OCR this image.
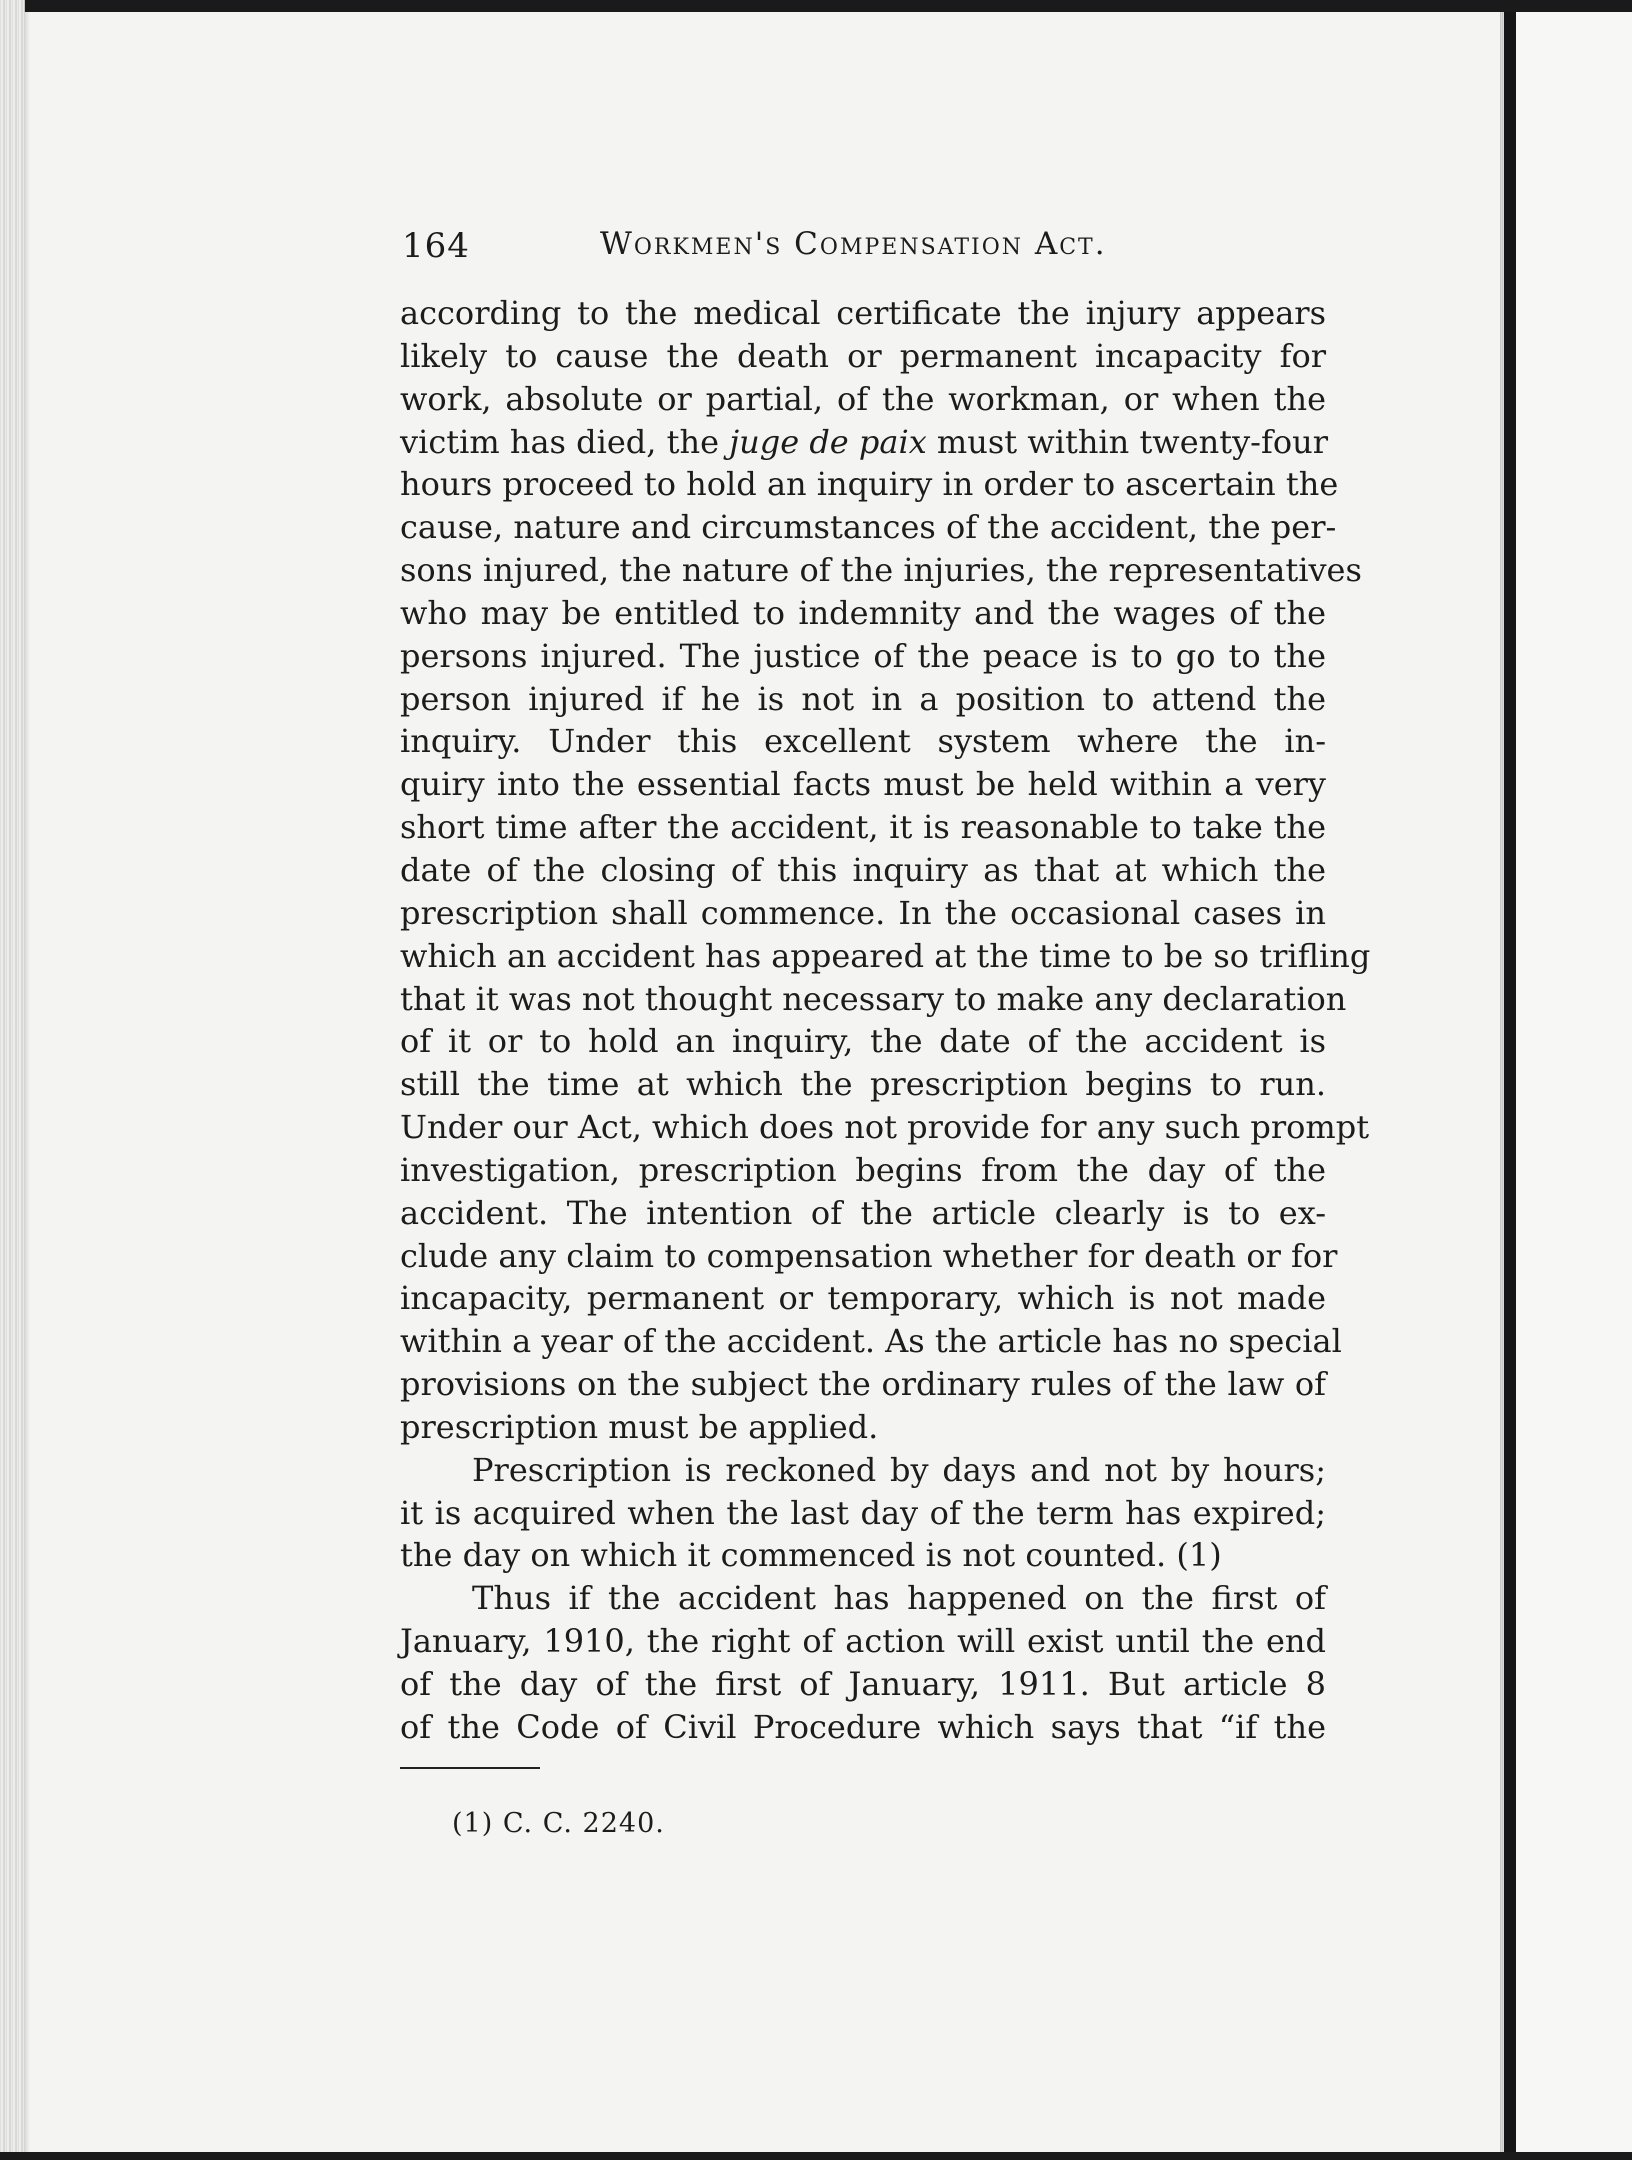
164	Workmen's Compensation Act.
according to the medical certificate the injury appears
likely to cause the death or permanent incapacity for
work, absolute or partial, of the workman, or when the
victim has died, the juge de paix must within twenty-four
hours proceed to hold an inquiry in order to ascertain the
cause, nature and circumstances of the accident, the per-
sons injured, the nature of the injuries, the representatives
who may be entitled to indemnity and the wages of the
persons injured. The justice of the peace is to go to the
person injured if he is not in a position to attend the
inquiry. Under this excellent system where the in-
quiry into the essential facts must be held within a very
short time after the accident, it is reasonable to take the
date of the closing of this inquiry as that at which the
prescription shall commence. In the occasional cases in
which an accident has appeared at the time to be so trifling
that it was not thought necessary to make any declaration
of it or to hold an inquiry, the date of the accident is
still the time at which the prescription begins to run.
Under our Act, which does not provide for any such prompt
investigation, prescription begins from the day of the
accident. The intention of the article clearly is to ex-
clude any claim to compensation whether for death or for
incapacity, permanent or temporary, which is not made
within a year of the accident. As the article has no special
provisions on the subject the ordinary rules of the law of
prescription must be applied.
Prescription is reckoned by days and not by hours;
it is acquired when the last day of the term has expired;
the day on which it commenced is not counted. (1)
Thus if the accident has happened on the first of
January, 1910, the right of action will exist until the end
of the day of the first of January, 1911. But article 8
of the Code of Civil Procedure which says that “if the
(1) C. C. 2240.
